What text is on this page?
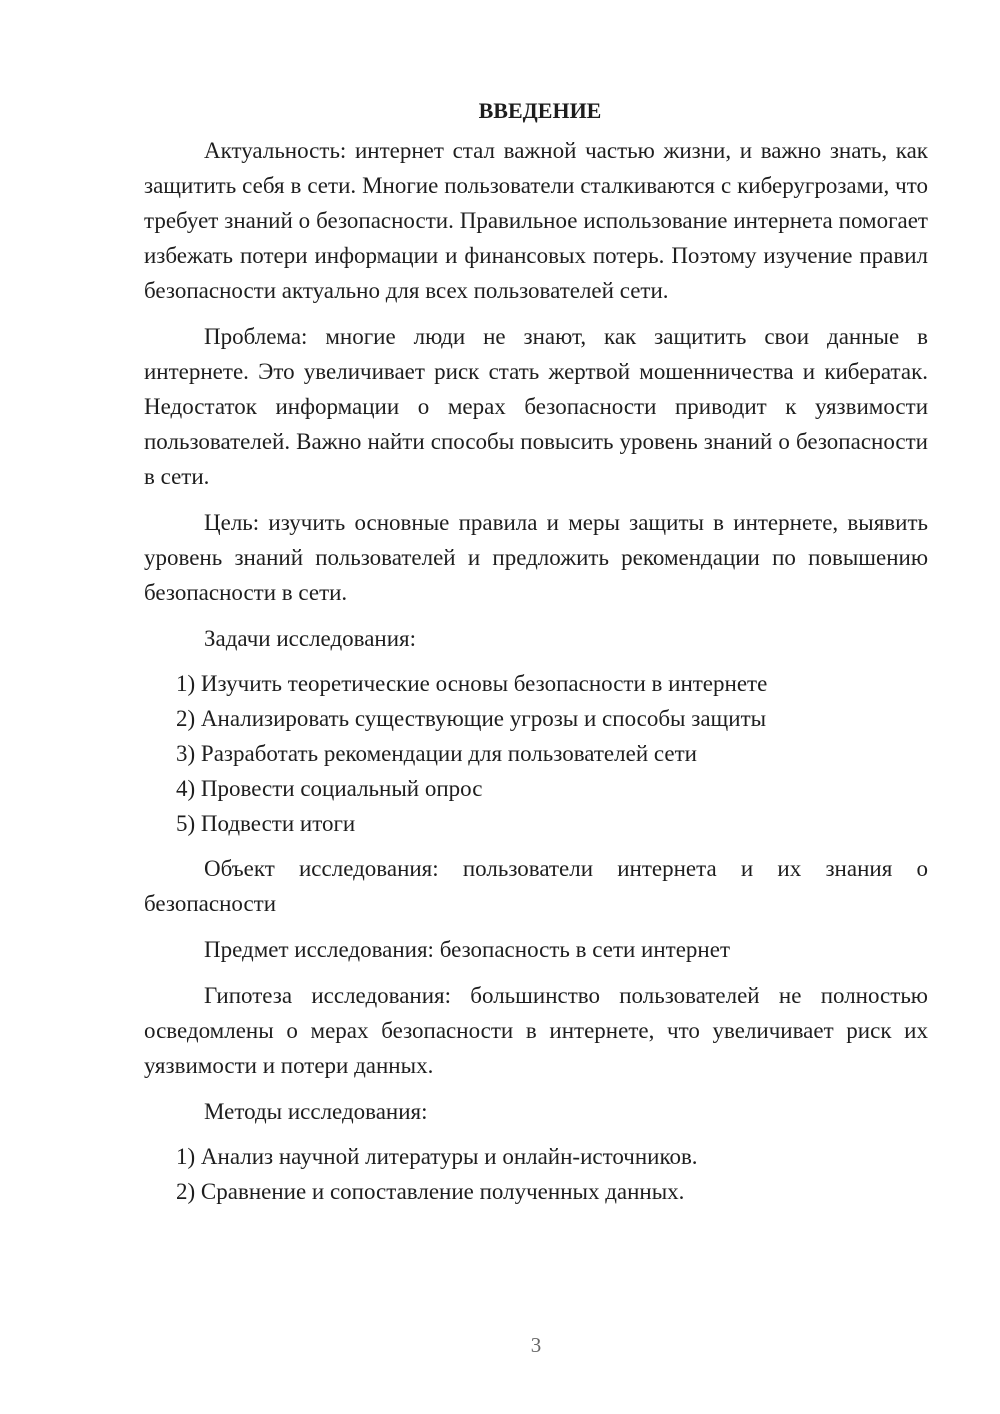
ВВЕДЕНИЕ

Актуальность: интернет стал важной частью жизни, и важно знать, как защитить себя в сети. Многие пользователи сталкиваются с киберугрозами, что требует знаний о безопасности. Правильное использование интернета помогает избежать потери информации и финансовых потерь. Поэтому изучение правил безопасности актуально для всех пользователей сети.

Проблема: многие люди не знают, как защитить свои данные в интернете. Это увеличивает риск стать жертвой мошенничества и кибератак. Недостаток информации о мерах безопасности приводит к уязвимости пользователей. Важно найти способы повысить уровень знаний о безопасности в сети.

Цель: изучить основные правила и меры защиты в интернете, выявить уровень знаний пользователей и предложить рекомендации по повышению безопасности в сети.

Задачи исследования:

1) Изучить теоретические основы безопасности в интернете

2) Анализировать существующие угрозы и способы защиты

3) Разработать рекомендации для пользователей сети

4) Провести социальный опрос

5) Подвести итоги

Объект исследования: пользователи интернета и их знания о безопасности

Предмет исследования: безопасность в сети интернет

Гипотеза исследования: большинство пользователей не полностью осведомлены о мерах безопасности в интернете, что увеличивает риск их уязвимости и потери данных.

Методы исследования:

1) Анализ научной литературы и онлайн-источников.

2) Сравнение и сопоставление полученных данных.

3
